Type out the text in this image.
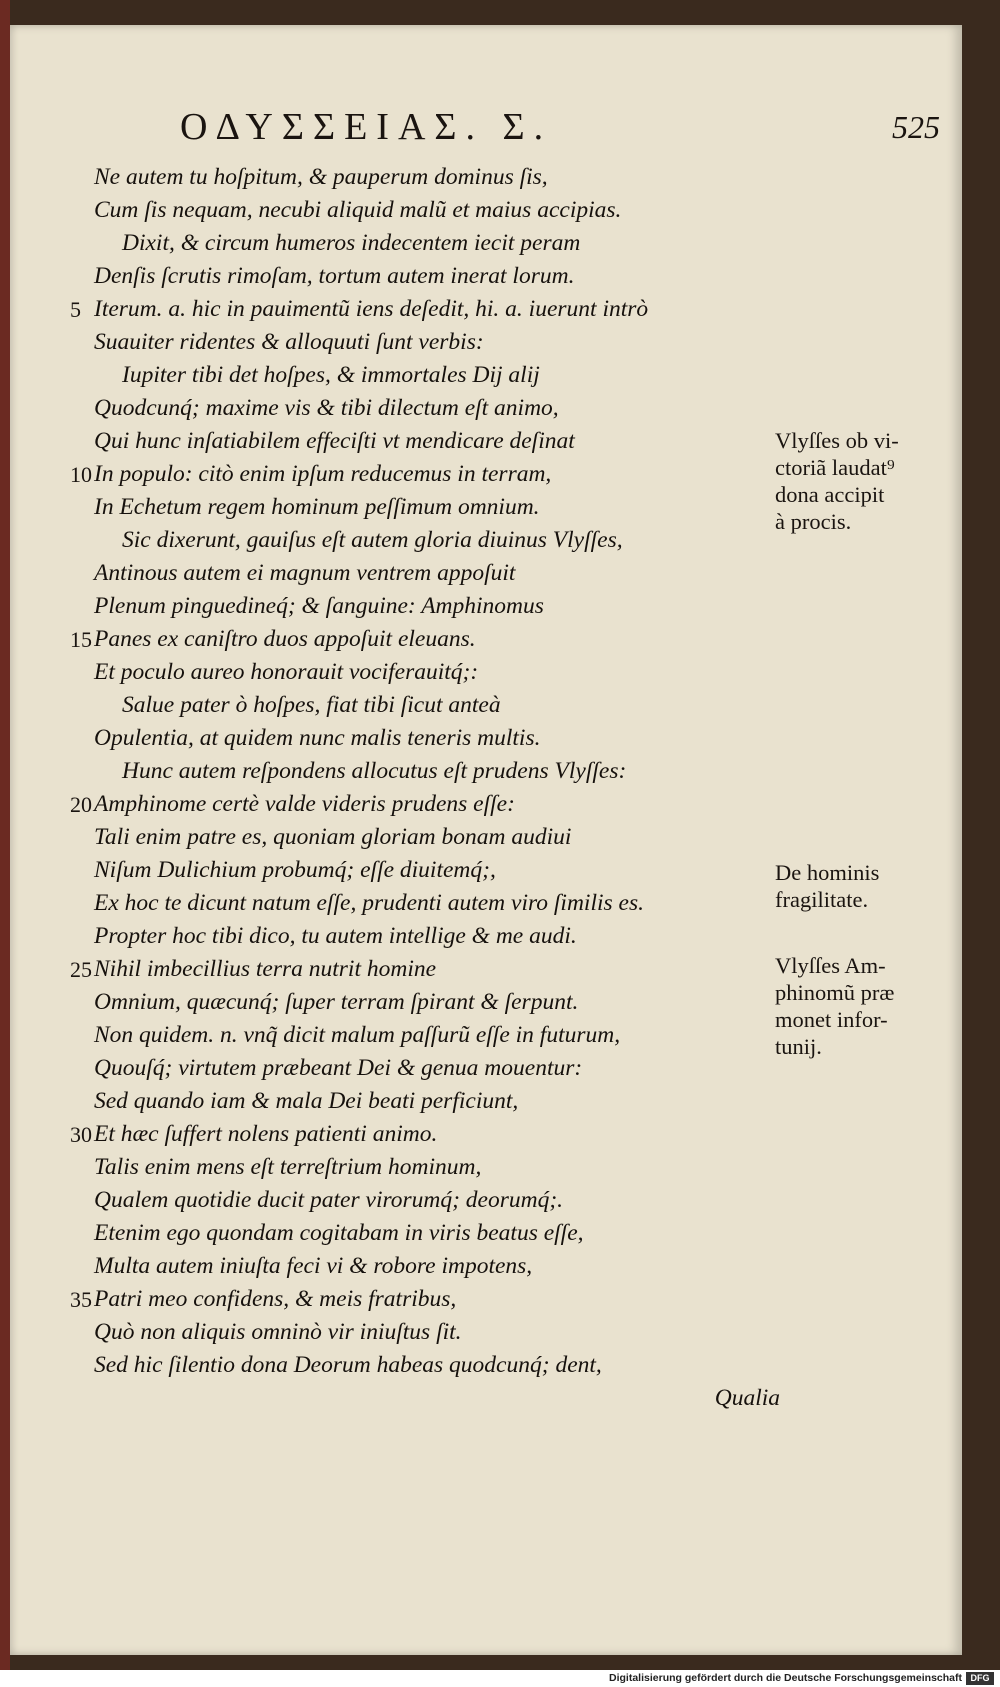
ΟΔΥΣΣΕΙΑΣ. Σ.	525
Ne autem tu hoſpitum, & pauperum dominus ſis,
Cum ſis nequam, necubi aliquid malũ et maius accipias.
Dixit, & circum humeros indecentem iecit peram
Denſis ſcrutis rimoſam, tortum autem inerat lorum.
5 Iterum. a. hic in pauimentũ iens deſedit, hi. a. iuerunt intrò
Suauiter ridentes & alloquuti ſunt verbis:
Iupiter tibi det hoſpes, & immortales Dij alij
Quodcunq́; maxime vis & tibi dilectum eſt animo,
Qui hunc inſatiabilem effeciſti vt mendicare deſinat
10 In populo: citò enim ipſum reducemus in terram,
In Echetum regem hominum peſſimum omnium.
Sic dixerunt, gauiſus eſt autem gloria diuinus Vlyſſes,
Antinous autem ei magnum ventrem appoſuit
Plenum pinguedineq́; & ſanguine: Amphinomus
15 Panes ex caniſtro duos appoſuit eleuans.
Et poculo aureo honorauit vociferauitq́;:
Salue pater ò hoſpes, fiat tibi ſicut anteà
Opulentia, at quidem nunc malis teneris multis.
Hunc autem reſpondens allocutus eſt prudens Vlyſſes:
20 Amphinome certè valde videris prudens eſſe:
Tali enim patre es, quoniam gloriam bonam audiui
Niſum Dulichium probumq́; eſſe diuitemq́;,
Ex hoc te dicunt natum eſſe, prudenti autem viro ſimilis es.
Propter hoc tibi dico, tu autem intellige & me audi.
25 Nihil imbecillius terra nutrit homine
Omnium, quæcunq́; ſuper terram ſpirant & ſerpunt.
Non quidem. n. vnq̃ dicit malum paſſurũ eſſe in futurum,
Quouſq́; virtutem præbeant Dei & genua mouentur:
Sed quando iam & mala Dei beati perficiunt,
30 Et hæc ſuffert nolens patienti animo.
Talis enim mens eſt terreſtrium hominum,
Qualem quotidie ducit pater virorumq́; deorumq́;.
Etenim ego quondam cogitabam in viris beatus eſſe,
Multa autem iniuſta feci vi & robore impotens,
35 Patri meo confidens, & meis fratribus,
Quò non aliquis omninò vir iniuſtus ſit.
Sed hic ſilentio dona Deorum habeas quodcunq́; dent,
Qualia
Vlyſſes ob vi-
ctoriã laudat⁹
dona accipit
à procis.
De hominis
fragilitate.
Vlyſſes Am-
phinomũ præ
monet infor-
tunij.
Digitalisierung gefördert durch die Deutsche Forschungsgemeinschaft DFG
